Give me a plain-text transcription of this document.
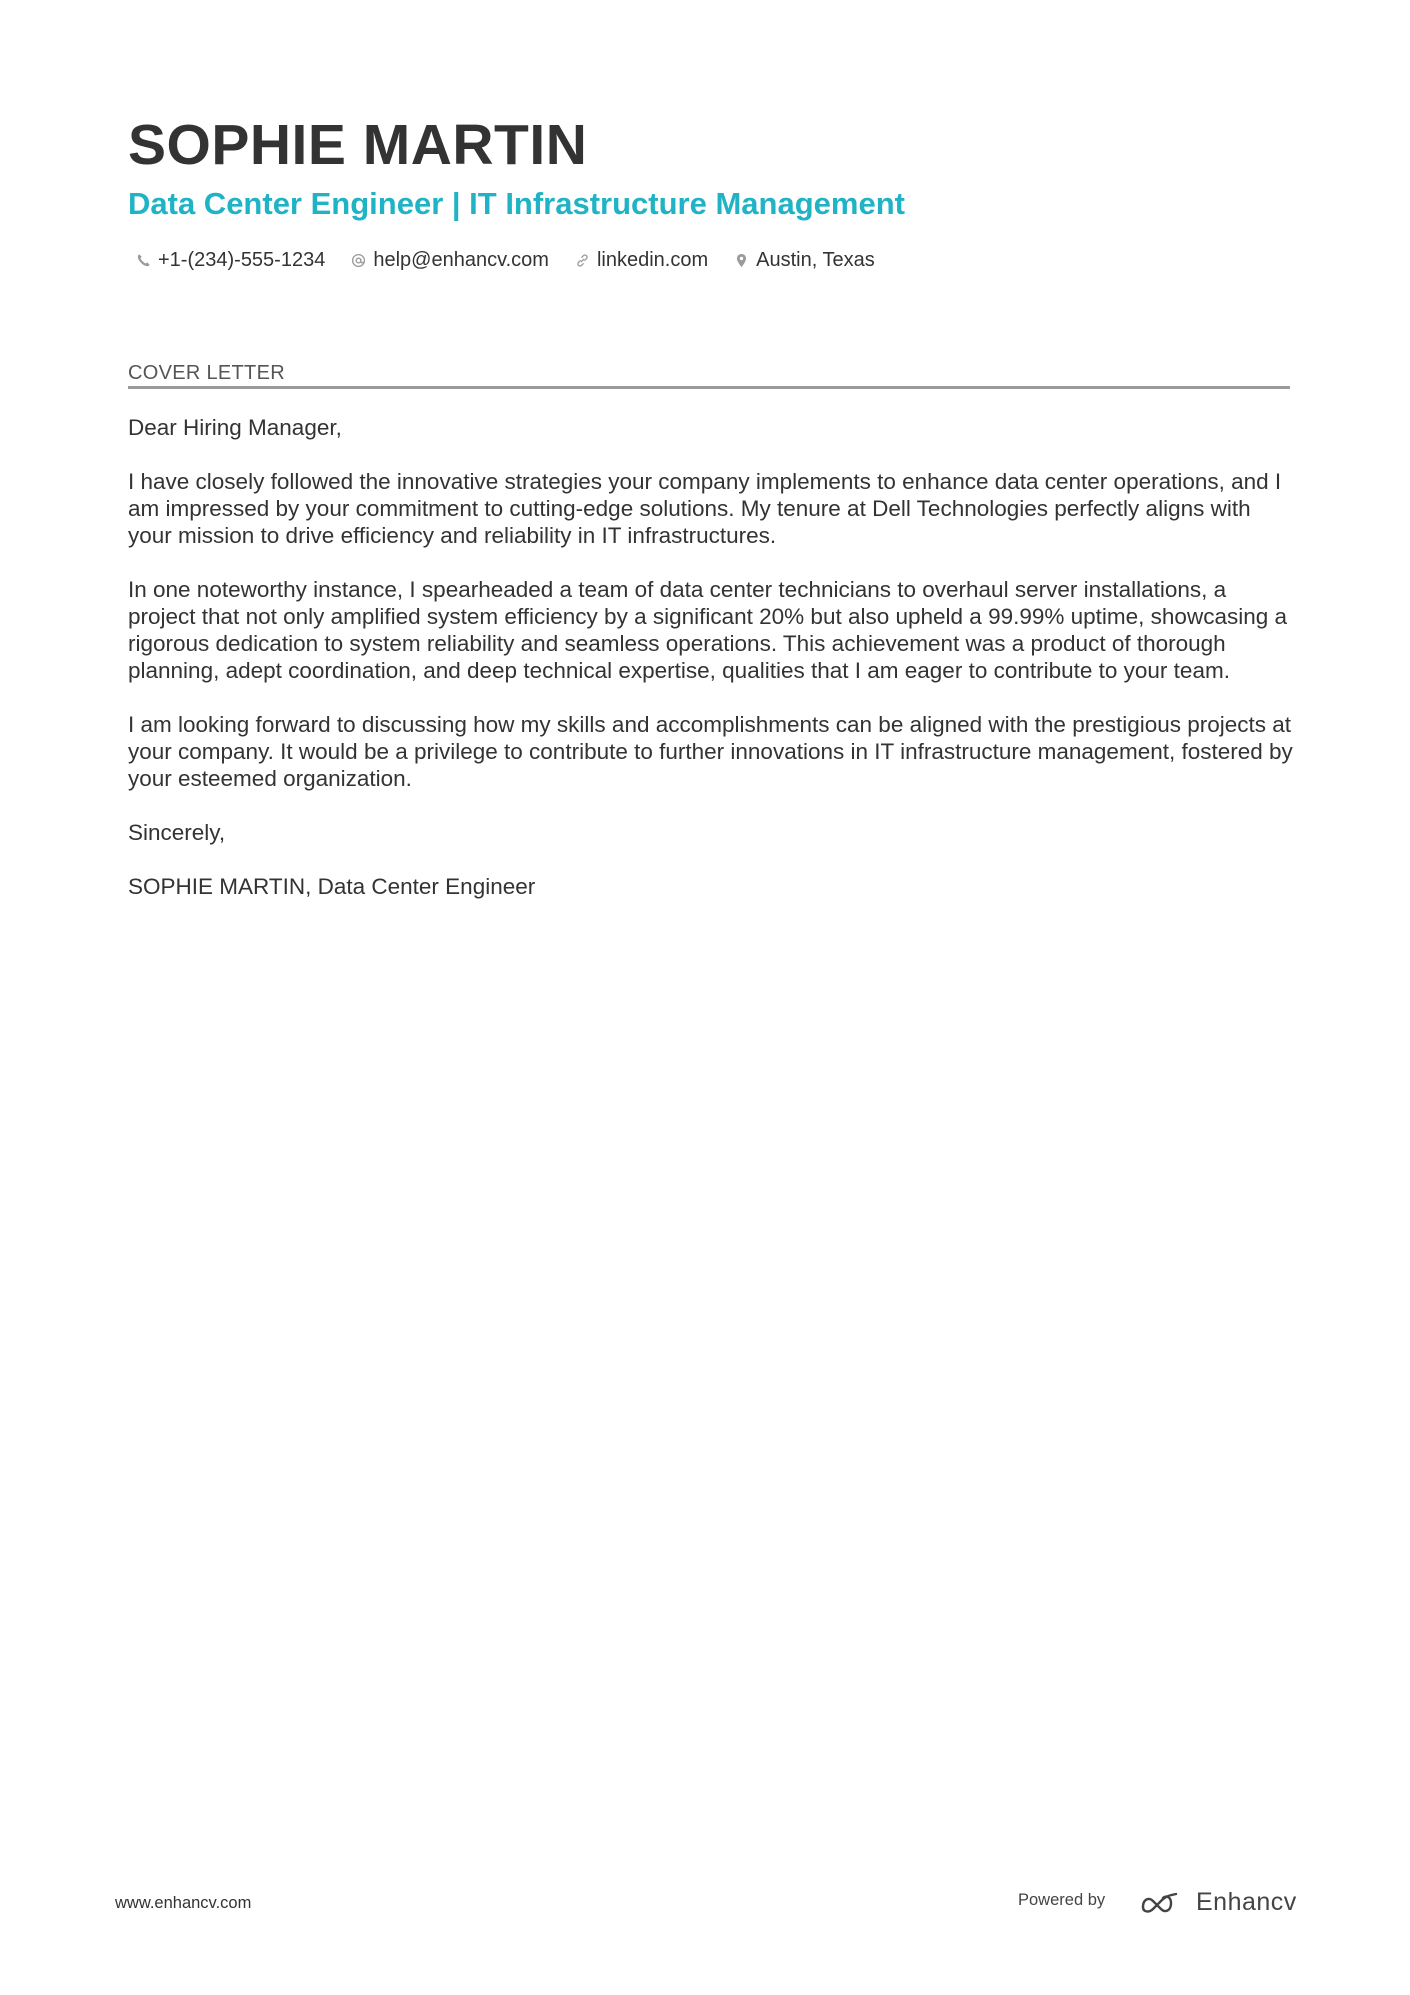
SOPHIE MARTIN
Data Center Engineer | IT Infrastructure Management
+1-(234)-555-1234 help@enhancv.com linkedin.com Austin, Texas
COVER LETTER

Dear Hiring Manager,

I have closely followed the innovative strategies your company implements to enhance data center operations, and I am impressed by your commitment to cutting-edge solutions. My tenure at Dell Technologies perfectly aligns with your mission to drive efficiency and reliability in IT infrastructures.

In one noteworthy instance, I spearheaded a team of data center technicians to overhaul server installations, a project that not only amplified system efficiency by a significant 20% but also upheld a 99.99% uptime, showcasing a rigorous dedication to system reliability and seamless operations. This achievement was a product of thorough planning, adept coordination, and deep technical expertise, qualities that I am eager to contribute to your team.

I am looking forward to discussing how my skills and accomplishments can be aligned with the prestigious projects at your company. It would be a privilege to contribute to further innovations in IT infrastructure management, fostered by your esteemed organization.

Sincerely,

SOPHIE MARTIN, Data Center Engineer

www.enhancv.com	Powered by	Enhancv
